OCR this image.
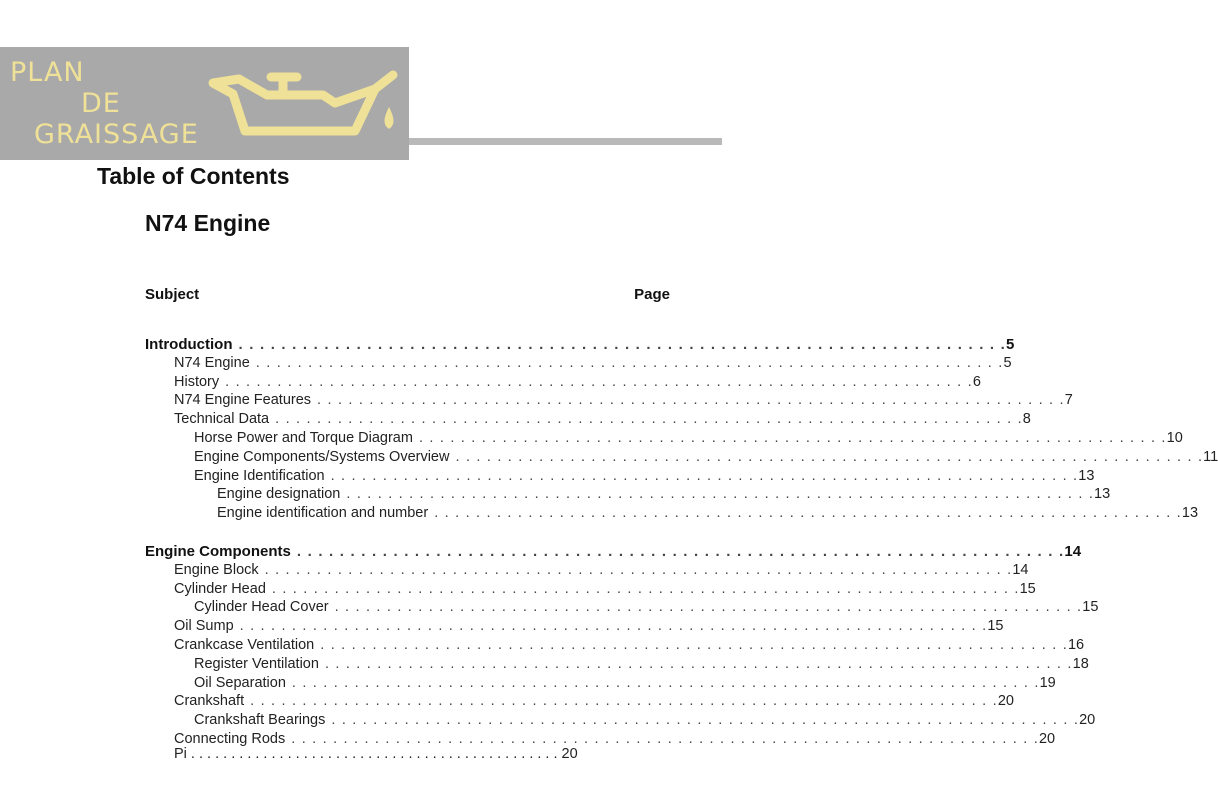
PLAN
DE
GRAISSAGE
Table of Contents
N74 Engine
Subject	Page
Introduction . . . . . . . . . . . . . . . . . . . . . . . . . . . . . . . . . . . . . . . . . . . . . . . . . . . . . . . . . . . . . . . . . . . . . . . . 5
N74 Engine . . . . . . . . . . . . . . . . . . . . . . . . . . . . . . . . . . . . . . . . . . . . . . . . . . . . . . . . . . . . . . . . . . . . . . . . 5
History . . . . . . . . . . . . . . . . . . . . . . . . . . . . . . . . . . . . . . . . . . . . . . . . . . . . . . . . . . . . . . . . . . . . . . . . 6
N74 Engine Features . . . . . . . . . . . . . . . . . . . . . . . . . . . . . . . . . . . . . . . . . . . . . . . . . . . . . . . . . . . . . . . . . . . . . . . . 7
Technical Data . . . . . . . . . . . . . . . . . . . . . . . . . . . . . . . . . . . . . . . . . . . . . . . . . . . . . . . . . . . . . . . . . . . . . . . . 8
Horse Power and Torque Diagram . . . . . . . . . . . . . . . . . . . . . . . . . . . . . . . . . . . . . . . . . . . . . . . . . . . . . . . . . . . . . . . . . . . . . . . . 10
Engine Components/Systems Overview . . . . . . . . . . . . . . . . . . . . . . . . . . . . . . . . . . . . . . . . . . . . . . . . . . . . . . . . . . . . . . . . . . . . . . . . 11
Engine Identification . . . . . . . . . . . . . . . . . . . . . . . . . . . . . . . . . . . . . . . . . . . . . . . . . . . . . . . . . . . . . . . . . . . . . . . . 13
Engine designation . . . . . . . . . . . . . . . . . . . . . . . . . . . . . . . . . . . . . . . . . . . . . . . . . . . . . . . . . . . . . . . . . . . . . . . . 13
Engine identification and number . . . . . . . . . . . . . . . . . . . . . . . . . . . . . . . . . . . . . . . . . . . . . . . . . . . . . . . . . . . . . . . . . . . . . . . . 13
Engine Components . . . . . . . . . . . . . . . . . . . . . . . . . . . . . . . . . . . . . . . . . . . . . . . . . . . . . . . . . . . . . . . . . . . . . . . . 14
Engine Block . . . . . . . . . . . . . . . . . . . . . . . . . . . . . . . . . . . . . . . . . . . . . . . . . . . . . . . . . . . . . . . . . . . . . . . . 14
Cylinder Head . . . . . . . . . . . . . . . . . . . . . . . . . . . . . . . . . . . . . . . . . . . . . . . . . . . . . . . . . . . . . . . . . . . . . . . . 15
Cylinder Head Cover . . . . . . . . . . . . . . . . . . . . . . . . . . . . . . . . . . . . . . . . . . . . . . . . . . . . . . . . . . . . . . . . . . . . . . . . 15
Oil Sump . . . . . . . . . . . . . . . . . . . . . . . . . . . . . . . . . . . . . . . . . . . . . . . . . . . . . . . . . . . . . . . . . . . . . . . . 15
Crankcase Ventilation . . . . . . . . . . . . . . . . . . . . . . . . . . . . . . . . . . . . . . . . . . . . . . . . . . . . . . . . . . . . . . . . . . . . . . . . 16
Register Ventilation . . . . . . . . . . . . . . . . . . . . . . . . . . . . . . . . . . . . . . . . . . . . . . . . . . . . . . . . . . . . . . . . . . . . . . . . 18
Oil Separation . . . . . . . . . . . . . . . . . . . . . . . . . . . . . . . . . . . . . . . . . . . . . . . . . . . . . . . . . . . . . . . . . . . . . . . . 19
Crankshaft . . . . . . . . . . . . . . . . . . . . . . . . . . . . . . . . . . . . . . . . . . . . . . . . . . . . . . . . . . . . . . . . . . . . . . . . 20
Crankshaft Bearings . . . . . . . . . . . . . . . . . . . . . . . . . . . . . . . . . . . . . . . . . . . . . . . . . . . . . . . . . . . . . . . . . . . . . . . . 20
Connecting Rods . . . . . . . . . . . . . . . . . . . . . . . . . . . . . . . . . . . . . . . . . . . . . . . . . . . . . . . . . . . . . . . . . . . . . . . . 20
Pi . . . . . . . . . . . . . . . . . . . . . . . . . . . . . . . . . . . . . . . . . . . . . . 20
